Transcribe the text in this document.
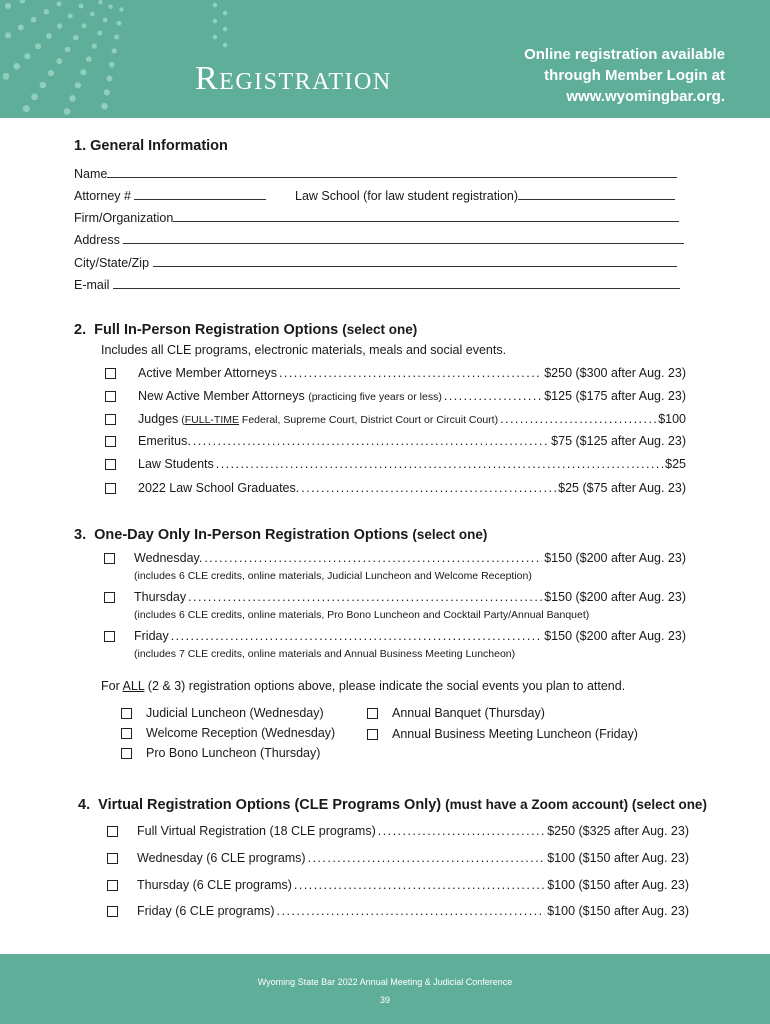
Registration
Online registration available
through Member Login at
www.wyomingbar.org.
1. General Information
Name
Attorney #	Law School (for law student registration)
Firm/Organization
Address
City/State/Zip
E-mail
2. Full In-Person Registration Options (select one)
Includes all CLE programs, electronic materials, meals and social events.
Active Member Attorneys . . .	$250 ($300 after Aug. 23)
New Active Member Attorneys (practicing five years or less) . . .	$125 ($175 after Aug. 23)
Judges (FULL-TIME Federal, Supreme Court, District Court or Circuit Court) . . .	$100
Emeritus. . . .	$75 ($125 after Aug. 23)
Law Students . . .	$25
2022 Law School Graduates. . . .	$25 ($75 after Aug. 23)
3. One-Day Only In-Person Registration Options (select one)
Wednesday. . . .	$150 ($200 after Aug. 23)
(includes 6 CLE credits, online materials, Judicial Luncheon and Welcome Reception)
Thursday . . .	$150 ($200 after Aug. 23)
(includes 6 CLE credits, online materials, Pro Bono Luncheon and Cocktail Party/Annual Banquet)
Friday . . .	$150 ($200 after Aug. 23)
(includes 7 CLE credits, online materials and Annual Business Meeting Luncheon)
For ALL (2 & 3) registration options above, please indicate the social events you plan to attend.
Judicial Luncheon (Wednesday)
Welcome Reception (Wednesday)
Pro Bono Luncheon (Thursday)
Annual Banquet (Thursday)
Annual Business Meeting Luncheon (Friday)
4. Virtual Registration Options (CLE Programs Only) (must have a Zoom account) (select one)
Full Virtual Registration (18 CLE programs) . . .	$250 ($325 after Aug. 23)
Wednesday (6 CLE programs) . . .	$100 ($150 after Aug. 23)
Thursday (6 CLE programs) . . .	$100 ($150 after Aug. 23)
Friday (6 CLE programs) . . .	$100 ($150 after Aug. 23)
Wyoming State Bar 2022 Annual Meeting & Judicial Conference
39
